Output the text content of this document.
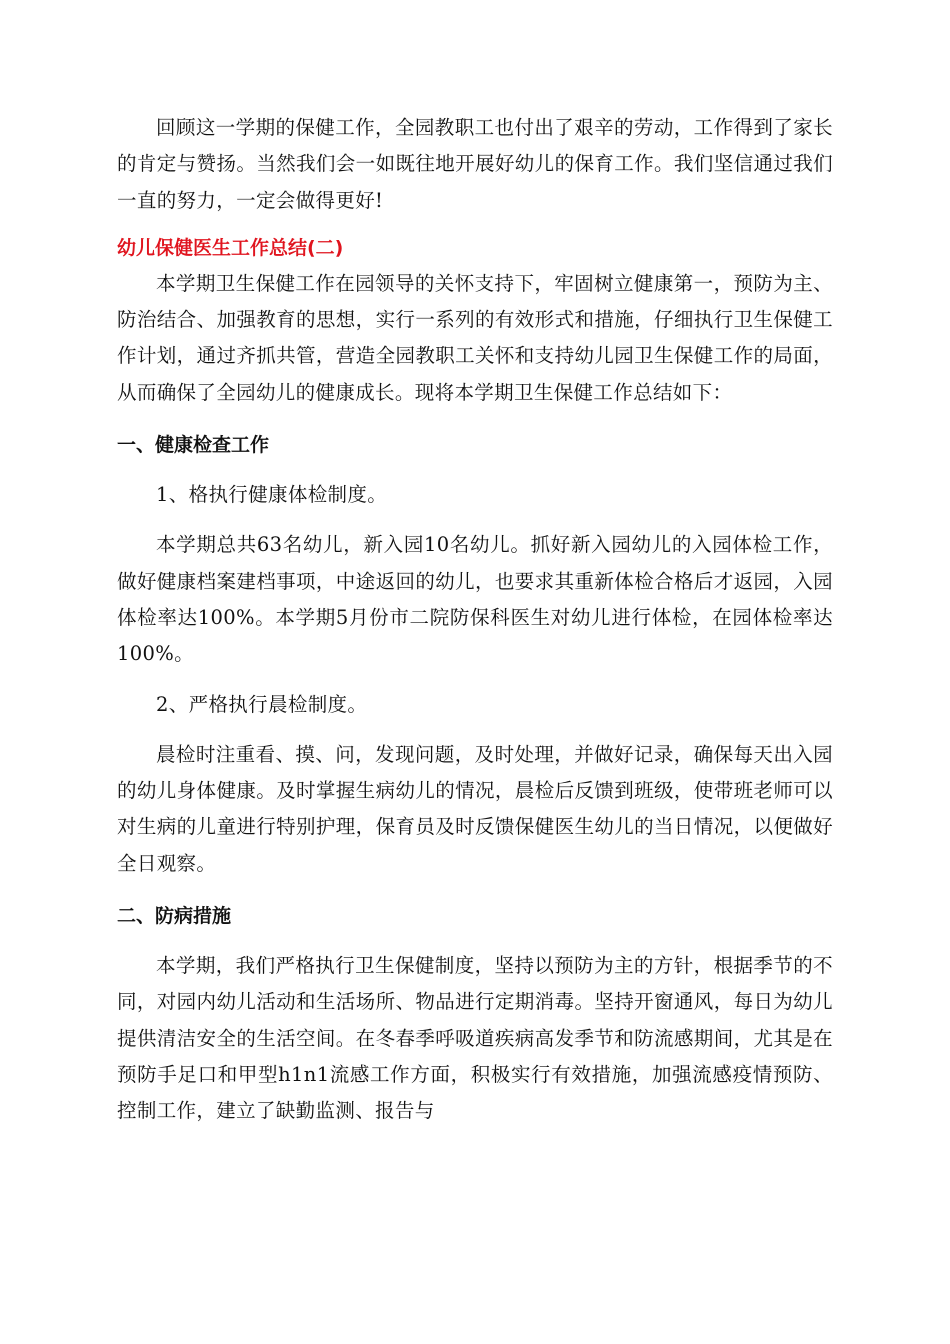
回顾这一学期的保健工作，全园教职工也付出了艰辛的劳动，工作得到了家长的肯定与赞扬。当然我们会一如既往地开展好幼儿的保育工作。我们坚信通过我们一直的努力，一定会做得更好!

幼儿保健医生工作总结(二)

本学期卫生保健工作在园领导的关怀支持下，牢固树立健康第一，预防为主、防治结合、加强教育的思想，实行一系列的有效形式和措施，仔细执行卫生保健工作计划，通过齐抓共管，营造全园教职工关怀和支持幼儿园卫生保健工作的局面，从而确保了全园幼儿的健康成长。现将本学期卫生保健工作总结如下：

一、健康检查工作

1、格执行健康体检制度。

本学期总共63名幼儿，新入园10名幼儿。抓好新入园幼儿的入园体检工作，做好健康档案建档事项，中途返回的幼儿，也要求其重新体检合格后才返园，入园体检率达100%。本学期5月份市二院防保科医生对幼儿进行体检，在园体检率达100%。

2、严格执行晨检制度。

晨检时注重看、摸、问，发现问题，及时处理，并做好记录，确保每天出入园的幼儿身体健康。及时掌握生病幼儿的情况，晨检后反馈到班级，使带班老师可以对生病的儿童进行特别护理，保育员及时反馈保健医生幼儿的当日情况，以便做好全日观察。

二、防病措施

本学期，我们严格执行卫生保健制度，坚持以预防为主的方针，根据季节的不同，对园内幼儿活动和生活场所、物品进行定期消毒。坚持开窗通风，每日为幼儿提供清洁安全的生活空间。在冬春季呼吸道疾病高发季节和防流感期间，尤其是在预防手足口和甲型h1n1流感工作方面，积极实行有效措施，加强流感疫情预防、控制工作，建立了缺勤监测、报告与
